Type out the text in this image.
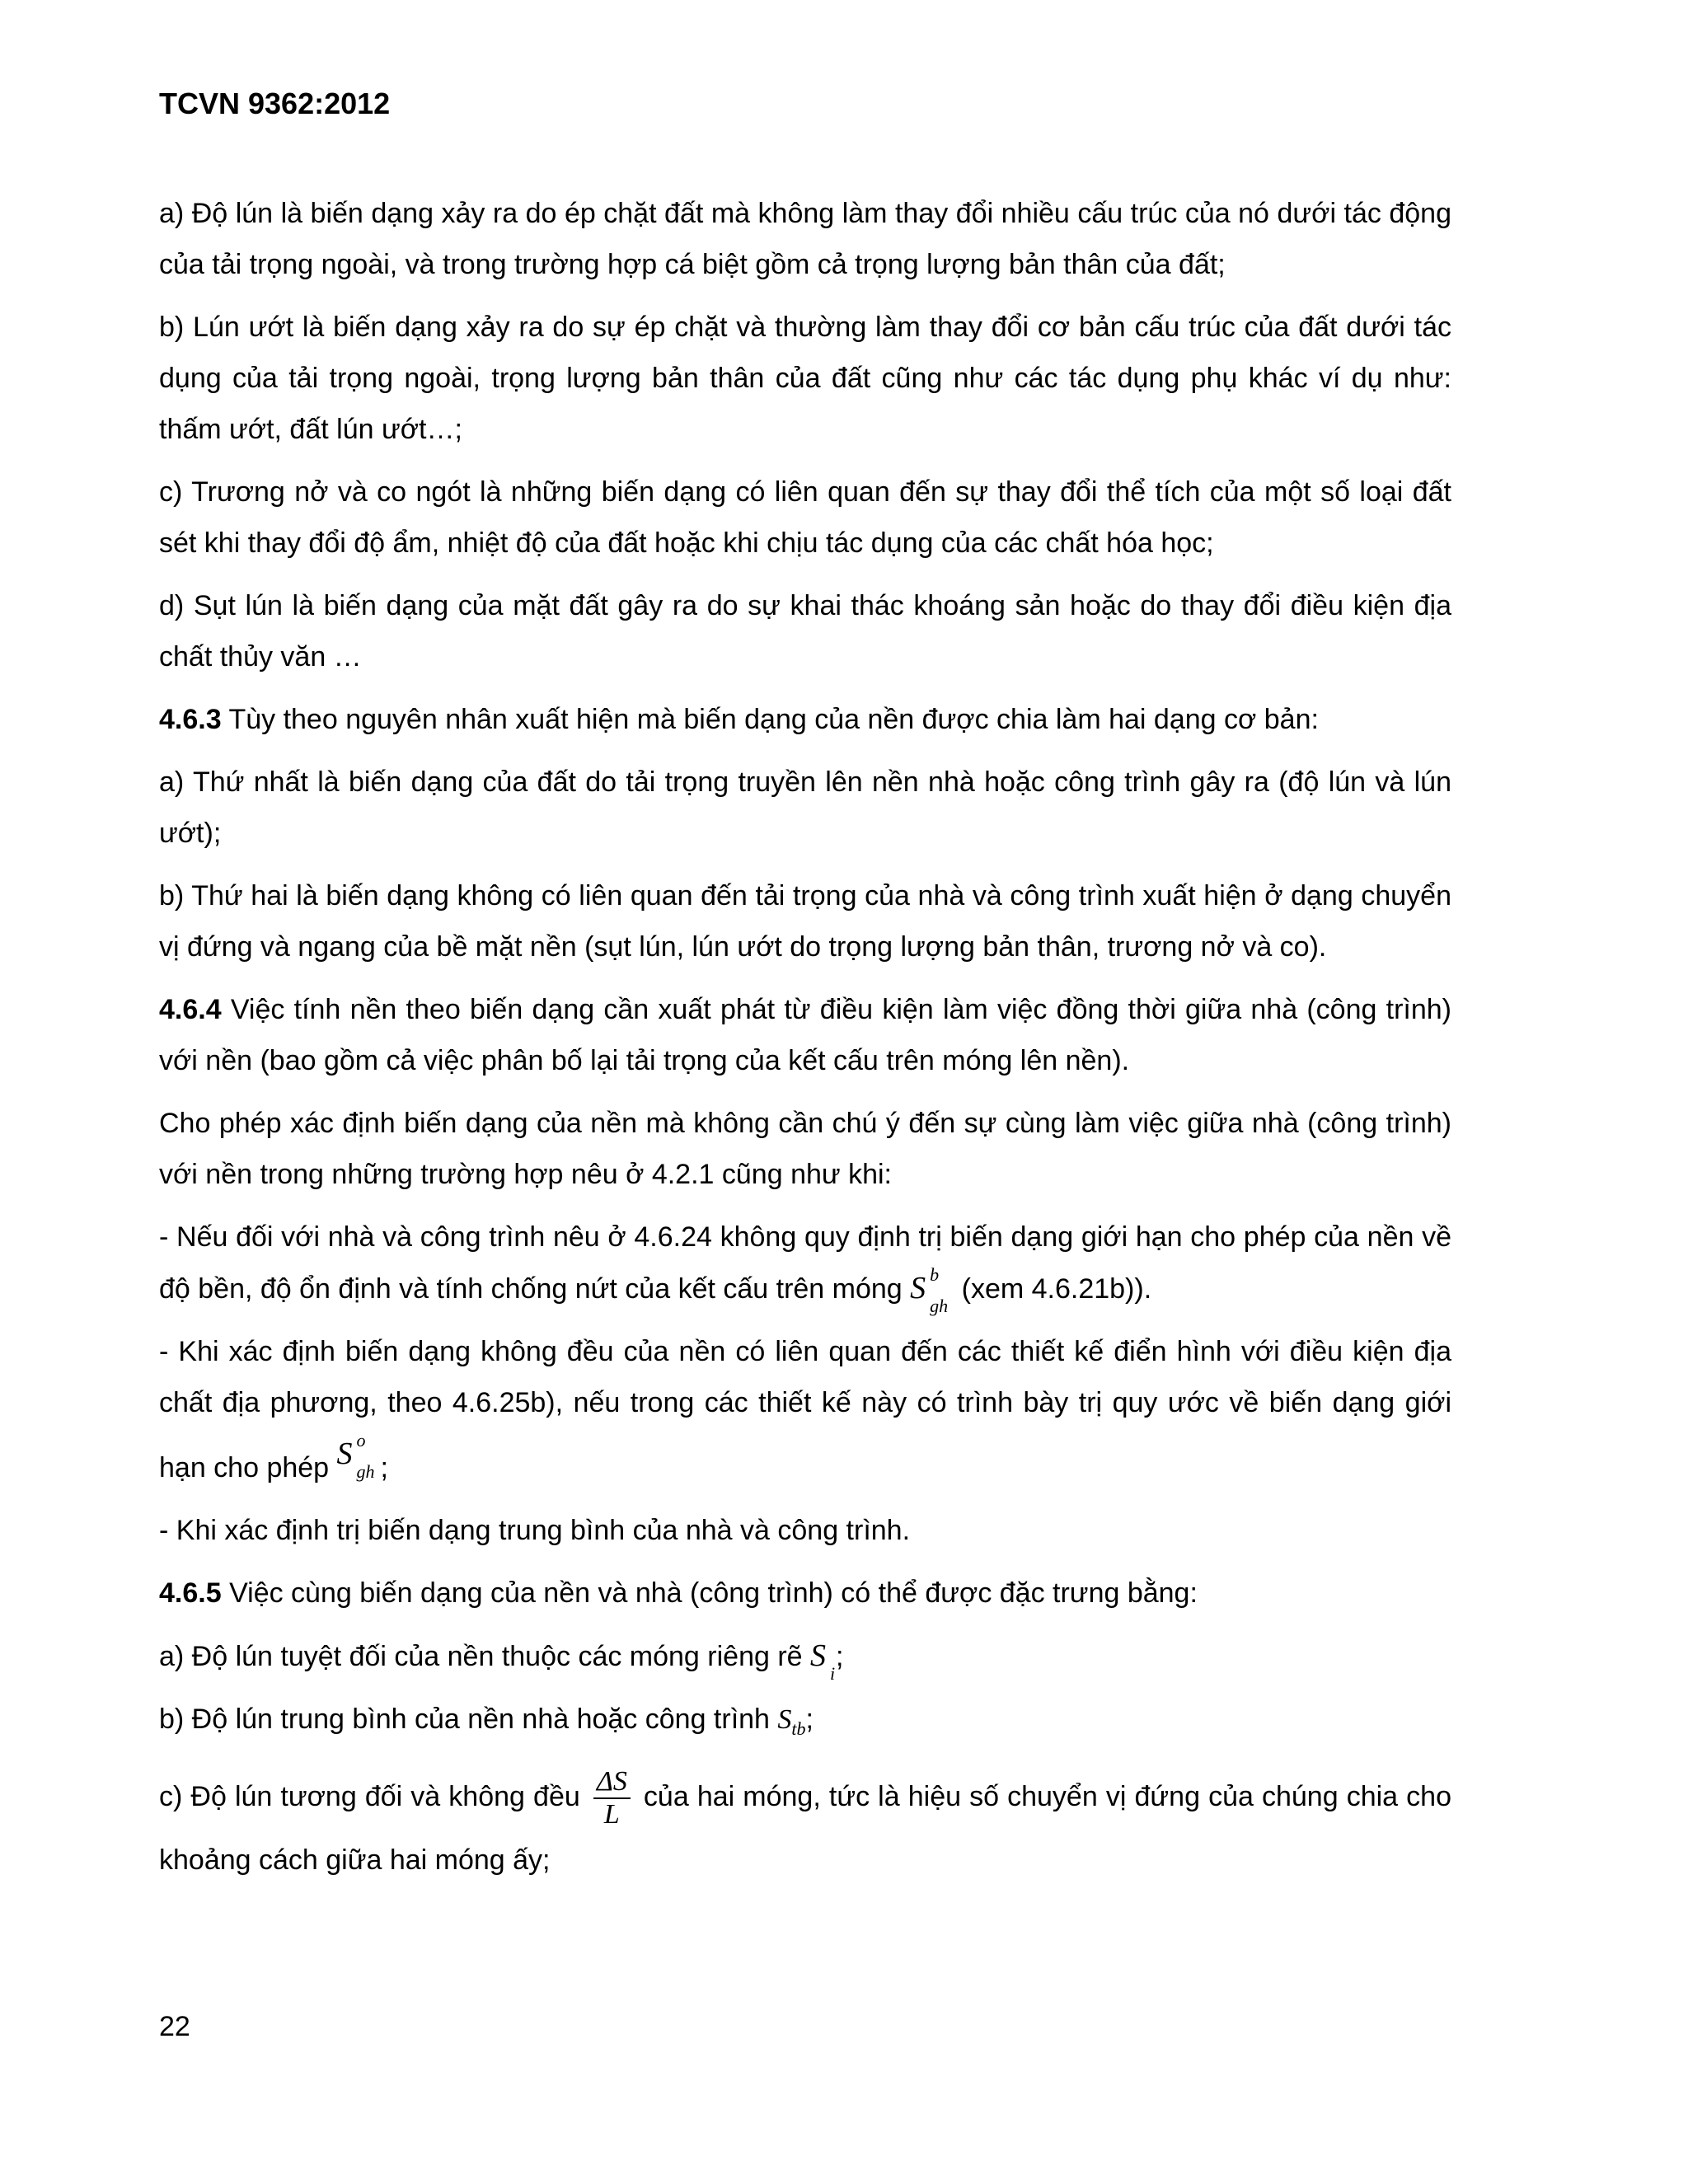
TCVN 9362:2012

a) Độ lún là biến dạng xảy ra do ép chặt đất mà không làm thay đổi nhiều cấu trúc của nó dưới tác động của tải trọng ngoài, và trong trường hợp cá biệt gồm cả trọng lượng bản thân của đất;

b) Lún ướt là biến dạng xảy ra do sự ép chặt và thường làm thay đổi cơ bản cấu trúc của đất dưới tác dụng của tải trọng ngoài, trọng lượng bản thân của đất cũng như các tác dụng phụ khác ví dụ như: thấm ướt, đất lún ướt…;

c) Trương nở và co ngót là những biến dạng có liên quan đến sự thay đổi thể tích của một số loại đất sét khi thay đổi độ ẩm, nhiệt độ của đất hoặc khi chịu tác dụng của các chất hóa học;

d) Sụt lún là biến dạng của mặt đất gây ra do sự khai thác khoáng sản hoặc do thay đổi điều kiện địa chất thủy văn …

4.6.3 Tùy theo nguyên nhân xuất hiện mà biến dạng của nền được chia làm hai dạng cơ bản:

a) Thứ nhất là biến dạng của đất do tải trọng truyền lên nền nhà hoặc công trình gây ra (độ lún và lún ướt);

b) Thứ hai là biến dạng không có liên quan đến tải trọng của nhà và công trình xuất hiện ở dạng chuyển vị đứng và ngang của bề mặt nền (sụt lún, lún ướt do trọng lượng bản thân, trương nở và co).

4.6.4 Việc tính nền theo biến dạng cần xuất phát từ điều kiện làm việc đồng thời giữa nhà (công trình) với nền (bao gồm cả việc phân bố lại tải trọng của kết cấu trên móng lên nền).

Cho phép xác định biến dạng của nền mà không cần chú ý đến sự cùng làm việc giữa nhà (công trình) với nền trong những trường hợp nêu ở 4.2.1 cũng như khi:

- Nếu đối với nhà và công trình nêu ở 4.6.24 không quy định trị biến dạng giới hạn cho phép của nền về độ bền, độ ổn định và tính chống nứt của kết cấu trên móng S b
gh
(xem 4.6.21b)).

- Khi xác định biến dạng không đều của nền có liên quan đến các thiết kế điển hình với điều kiện địa chất địa phương, theo 4.6.25b), nếu trong các thiết kế này có trình bày trị quy ước về biến dạng giới hạn cho phép S o
gh ;

- Khi xác định trị biến dạng trung bình của nhà và công trình.

4.6.5 Việc cùng biến dạng của nền và nhà (công trình) có thể được đặc trưng bằng:

a) Độ lún tuyệt đối của nền thuộc các móng riêng rẽ S
i
;

b) Độ lún trung bình của nền nhà hoặc công trình $S_{tb}$;

c) Độ lún tương đối và không đều $\frac{\Delta S}{L}$ của hai móng, tức là hiệu số chuyển vị đứng của chúng chia cho khoảng cách giữa hai móng ấy;

22
